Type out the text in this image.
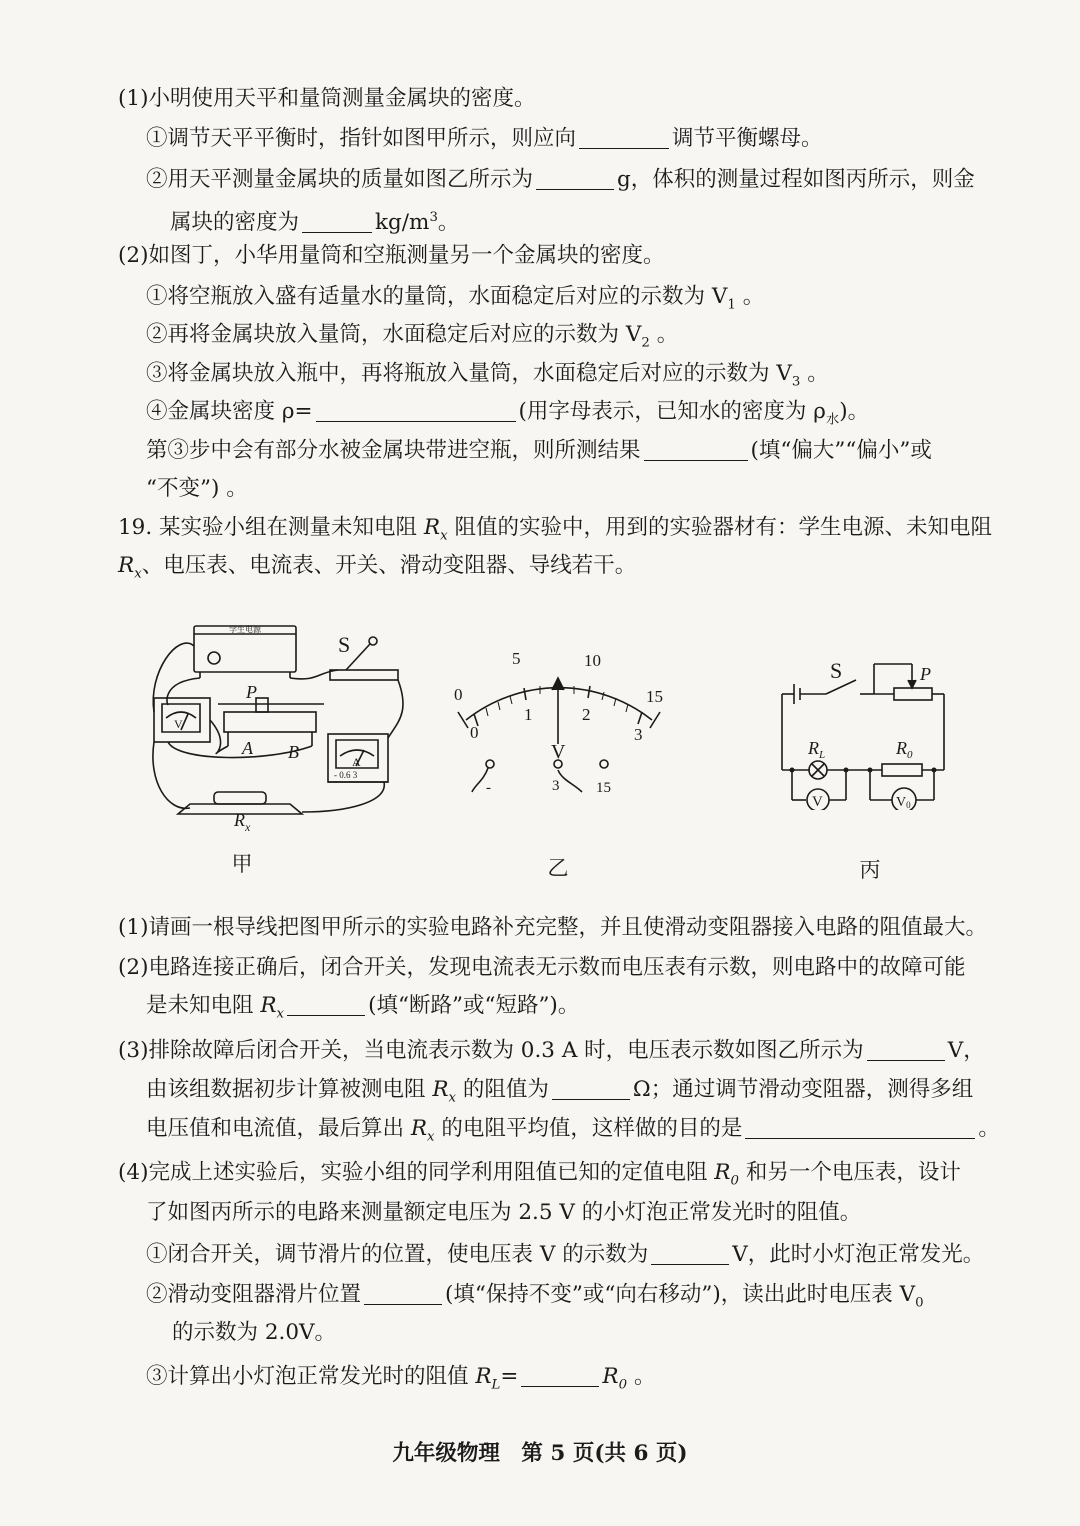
(1)小明使用天平和量筒测量金属块的密度。
①调节天平平衡时，指针如图甲所示，则应向	调节平衡螺母。
②用天平测量金属块的质量如图乙所示为	g，体积的测量过程如图丙所示，则金
属块的密度为	$kg/m^3$。
(2)如图丁，小华用量筒和空瓶测量另一个金属块的密度。
①将空瓶放入盛有适量水的量筒，水面稳定后对应的示数为 $V_1$ 。
②再将金属块放入量筒，水面稳定后对应的示数为 $V_2$ 。
③将金属块放入瓶中，再将瓶放入量筒，水面稳定后对应的示数为 $V_3$ 。
④金属块密度 ρ=	(用字母表示，已知水的密度为 $\rho_水$)。
第③步中会有部分水被金属块带进空瓶，则所测结果	(填“偏大”“偏小”或
“不变”) 。
19. 某实验小组在测量未知电阻 $R_x$ 阻值的实验中，用到的实验器材有：学生电源、未知电阻
$R_x$、电压表、电流表、开关、滑动变阻器、导线若干。
学生电源
S
P
A B
V
A
- 0.6 3
$R_x$
甲
0
5	10
15
0
1	2
3
V
-	3 15
乙
S	P
$R_L$	$R_0$
V	V0
丙
(1)请画一根导线把图甲所示的实验电路补充完整，并且使滑动变阻器接入电路的阻值最大。
(2)电路连接正确后，闭合开关，发现电流表无示数而电压表有示数，则电路中的故障可能
是未知电阻 $R_x$	(填“断路”或“短路”)。
(3)排除故障后闭合开关，当电流表示数为 0.3 A 时，电压表示数如图乙所示为	V，
由该组数据初步计算被测电阻 $R_x$ 的阻值为	Ω；通过调节滑动变阻器，测得多组
电压值和电流值，最后算出 $R_x$ 的电阻平均值，这样做的目的是	。
(4)完成上述实验后，实验小组的同学利用阻值已知的定值电阻 $R_0$ 和另一个电压表，设计
了如图丙所示的电路来测量额定电压为 2.5 V 的小灯泡正常发光时的阻值。
①闭合开关，调节滑片的位置，使电压表 V 的示数为	V，此时小灯泡正常发光。
②滑动变阻器滑片位置	(填“保持不变”或“向右移动”)，读出此时电压表 $V_0$
的示数为 2.0V。
③计算出小灯泡正常发光时的阻值 $R_L=$	$R_0$ 。
九年级物理　第 5 页(共 6 页)
